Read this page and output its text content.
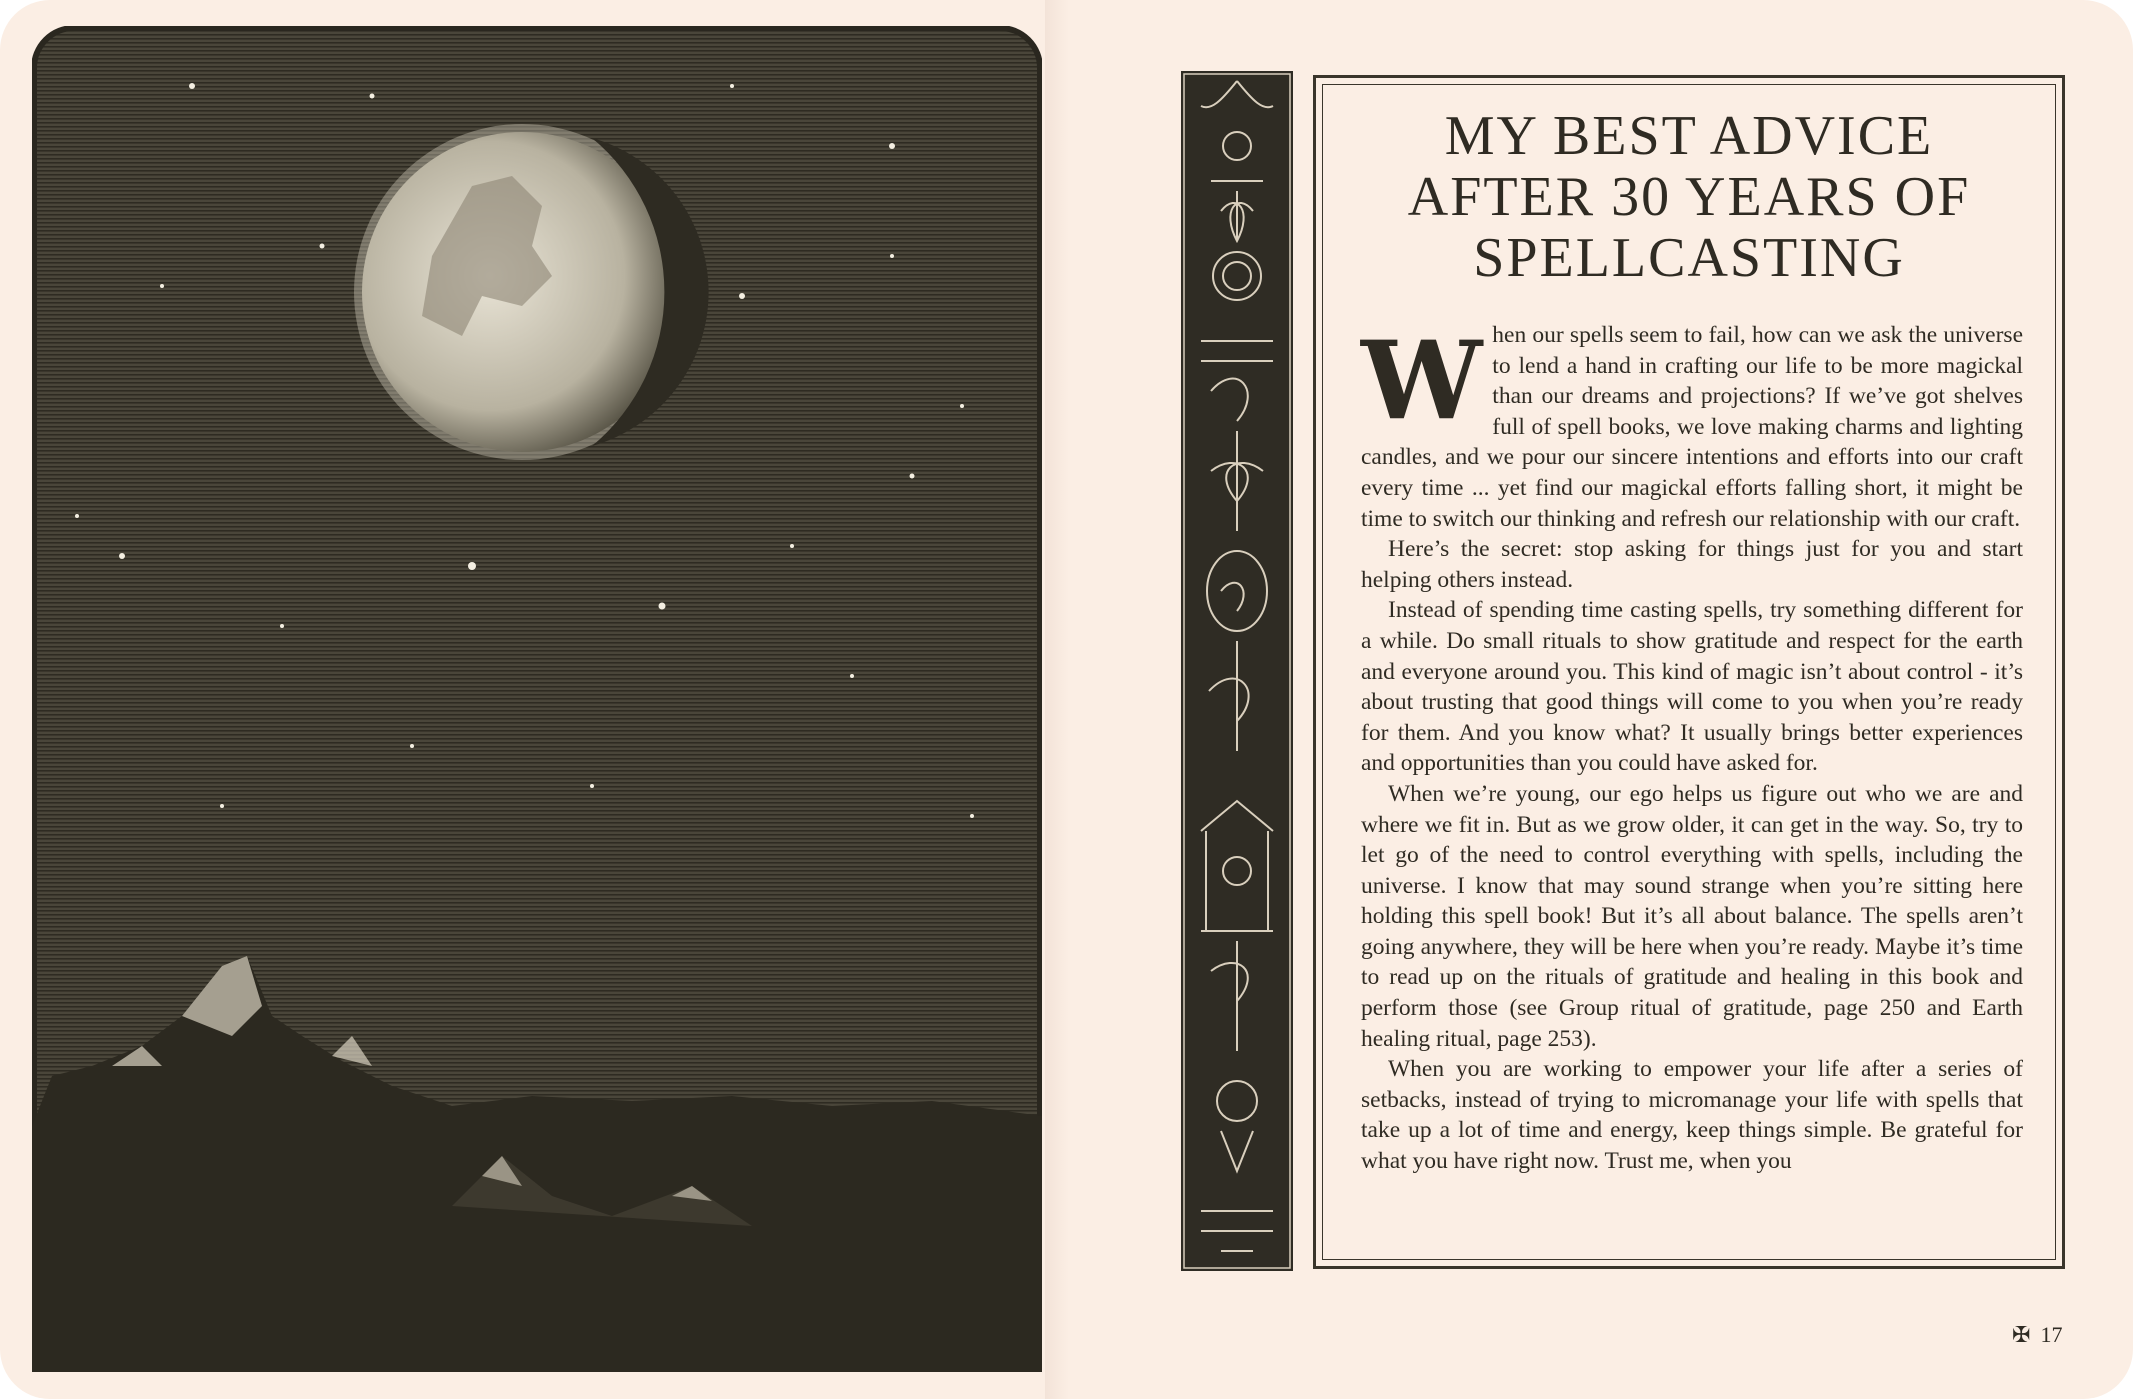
MY BEST ADVICE
AFTER 30 YEARS OF
SPELLCASTING

When our spells seem to fail, how can we ask the universe to lend a hand in crafting our life to be more magickal than our dreams and projections? If we’ve got shelves full of spell books, we love making charms and lighting candles, and we pour our sincere intentions and efforts into our craft every time ... yet find our magickal efforts falling short, it might be time to switch our thinking and refresh our relationship with our craft.

Here’s the secret: stop asking for things just for you and start helping others instead.

Instead of spending time casting spells, try something different for a while. Do small rituals to show gratitude and respect for the earth and everyone around you. This kind of magic isn’t about control - it’s about trusting that good things will come to you when you’re ready for them. And you know what? It usually brings better experiences and opportunities than you could have asked for.

When we’re young, our ego helps us figure out who we are and where we fit in. But as we grow older, it can get in the way. So, try to let go of the need to control everything with spells, including the universe. I know that may sound strange when you’re sitting here holding this spell book! But it’s all about balance. The spells aren’t going anywhere, they will be here when you’re ready. Maybe it’s time to read up on the rituals of gratitude and healing in this book and perform those (see Group ritual of gratitude, page 250 and Earth healing ritual, page 253).

When you are working to empower your life after a series of setbacks, instead of trying to micromanage your life with spells that take up a lot of time and energy, keep things simple. Be grateful for what you have right now. Trust me, when you

✠ 17
